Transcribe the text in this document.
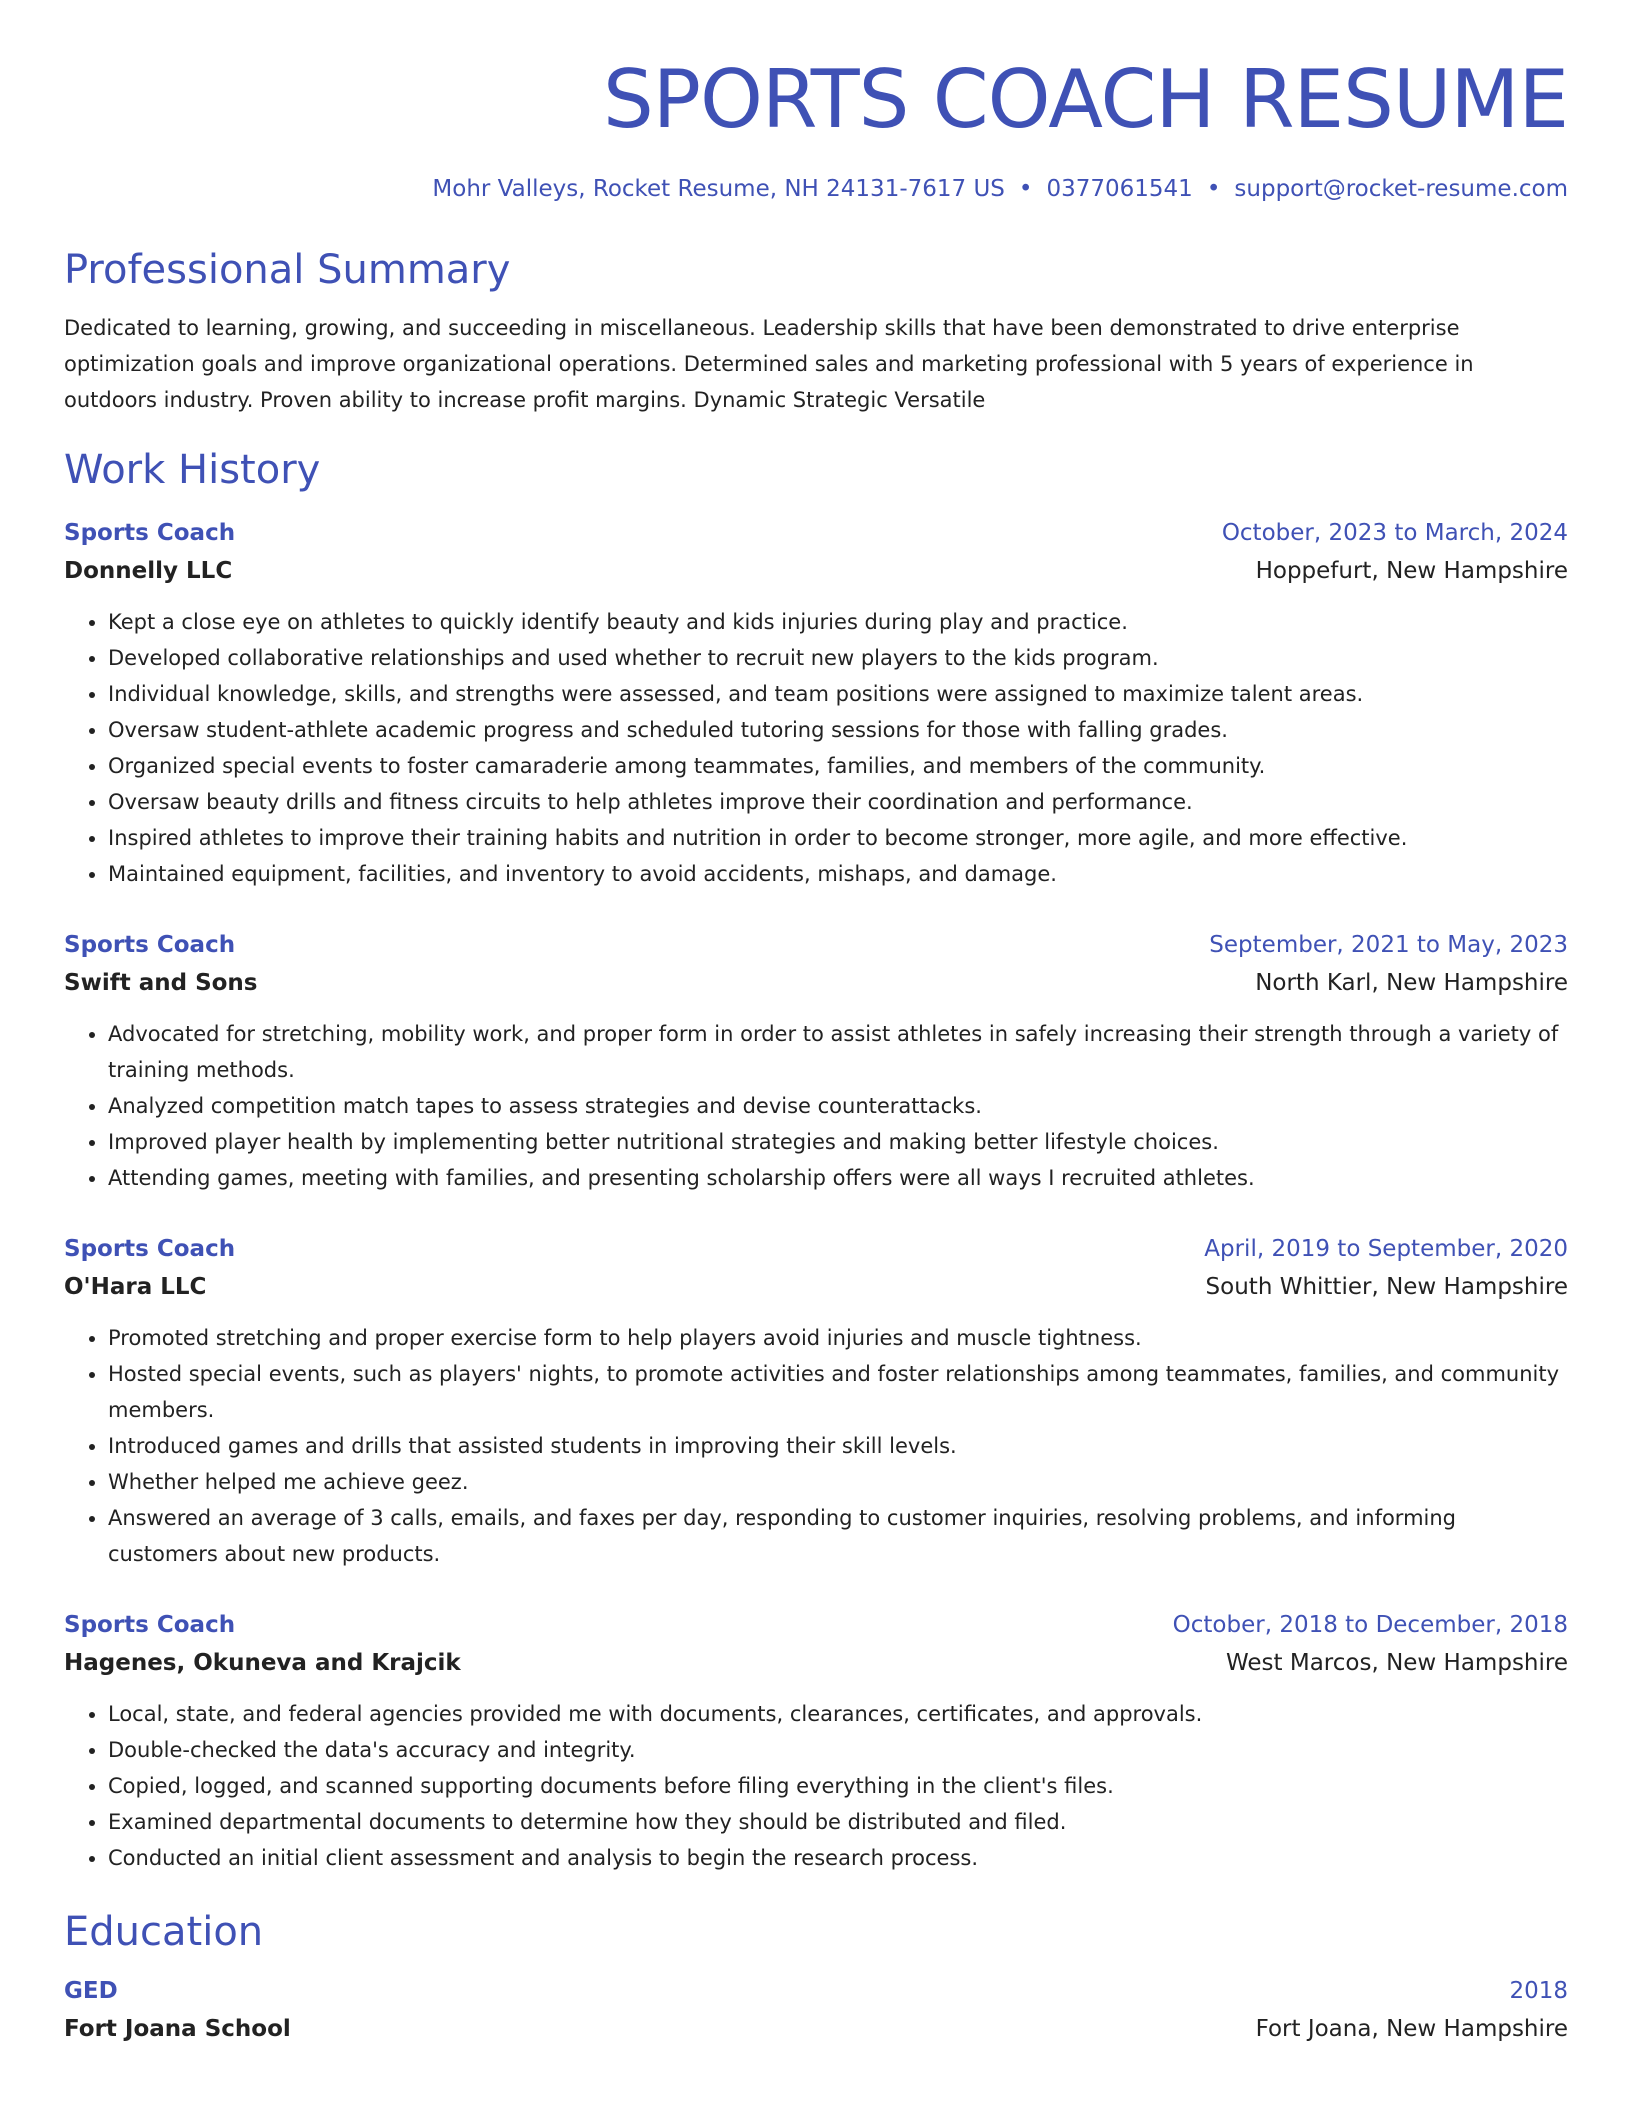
SPORTS COACH RESUME
Mohr Valleys, Rocket Resume, NH 24131-7617 US • 0377061541 • support@rocket-resume.com
Professional Summary
Dedicated to learning, growing, and succeeding in miscellaneous. Leadership skills that have been demonstrated to drive enterprise optimization goals and improve organizational operations. Determined sales and marketing professional with 5 years of experience in outdoors industry. Proven ability to increase profit margins. Dynamic Strategic Versatile
Work History
Sports Coach	October, 2023 to March, 2024
Donnelly LLC	Hoppefurt, New Hampshire
• Kept a close eye on athletes to quickly identify beauty and kids injuries during play and practice.
• Developed collaborative relationships and used whether to recruit new players to the kids program.
• Individual knowledge, skills, and strengths were assessed, and team positions were assigned to maximize talent areas.
• Oversaw student-athlete academic progress and scheduled tutoring sessions for those with falling grades.
• Organized special events to foster camaraderie among teammates, families, and members of the community.
• Oversaw beauty drills and fitness circuits to help athletes improve their coordination and performance.
• Inspired athletes to improve their training habits and nutrition in order to become stronger, more agile, and more effective.
• Maintained equipment, facilities, and inventory to avoid accidents, mishaps, and damage.
Sports Coach	September, 2021 to May, 2023
Swift and Sons	North Karl, New Hampshire
• Advocated for stretching, mobility work, and proper form in order to assist athletes in safely increasing their strength through a variety of training methods.
• Analyzed competition match tapes to assess strategies and devise counterattacks.
• Improved player health by implementing better nutritional strategies and making better lifestyle choices.
• Attending games, meeting with families, and presenting scholarship offers were all ways I recruited athletes.
Sports Coach	April, 2019 to September, 2020
O'Hara LLC	South Whittier, New Hampshire
• Promoted stretching and proper exercise form to help players avoid injuries and muscle tightness.
• Hosted special events, such as players' nights, to promote activities and foster relationships among teammates, families, and community members.
• Introduced games and drills that assisted students in improving their skill levels.
• Whether helped me achieve geez.
• Answered an average of 3 calls, emails, and faxes per day, responding to customer inquiries, resolving problems, and informing customers about new products.
Sports Coach	October, 2018 to December, 2018
Hagenes, Okuneva and Krajcik	West Marcos, New Hampshire
• Local, state, and federal agencies provided me with documents, clearances, certificates, and approvals.
• Double-checked the data's accuracy and integrity.
• Copied, logged, and scanned supporting documents before filing everything in the client's files.
• Examined departmental documents to determine how they should be distributed and filed.
• Conducted an initial client assessment and analysis to begin the research process.
Education
GED	2018
Fort Joana School	Fort Joana, New Hampshire
